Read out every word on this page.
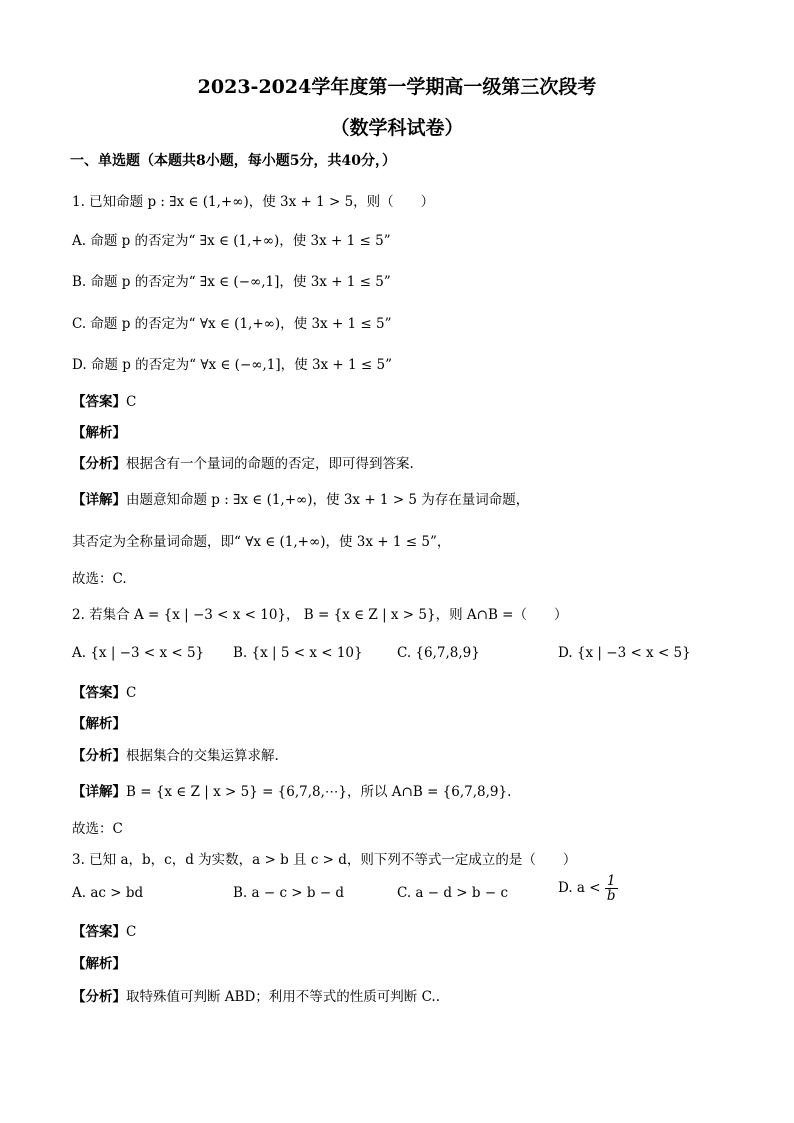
2023-2024学年度第一学期高一级第三次段考
（数学科试卷）
一、单选题（本题共8小题，每小题5分，共40分，）
1. 已知命题 p : ∃x ∈ (1,+∞)，使 3x + 1 > 5，则（　　）
A. 命题 p 的否定为“ ∃x ∈ (1,+∞)，使 3x + 1 ≤ 5”
B. 命题 p 的否定为“ ∃x ∈ (−∞,1]，使 3x + 1 ≤ 5”
C. 命题 p 的否定为“ ∀x ∈ (1,+∞)，使 3x + 1 ≤ 5”
D. 命题 p 的否定为“ ∀x ∈ (−∞,1]，使 3x + 1 ≤ 5”
【答案】C
【解析】
【分析】根据含有一个量词的命题的否定，即可得到答案.
【详解】由题意知命题 p : ∃x ∈ (1,+∞)，使 3x + 1 > 5 为存在量词命题，
其否定为全称量词命题，即“ ∀x ∈ (1,+∞)，使 3x + 1 ≤ 5”，
故选：C.
2. 若集合 A = {x | −3 < x < 10}， B = {x ∈ Z | x > 5}，则 A∩B =（　　）
A. {x | −3 < x < 5} B. {x | 5 < x < 10}	C. {6,7,8,9}	D. {x | −3 < x < 5}
【答案】C
【解析】
【分析】根据集合的交集运算求解.
【详解】B = {x ∈ Z | x > 5} = {6,7,8,⋯}，所以 A∩B = {6,7,8,9}.
故选：C
3. 已知 a，b，c，d 为实数，a > b 且 c > d，则下列不等式一定成立的是（　　）
A. ac > bd	B. a − c > b − d	C. a − d > b − c	D. $a < \frac{1}{b}$
【答案】C
【解析】
【分析】取特殊值可判断 ABD；利用不等式的性质可判断 C..
